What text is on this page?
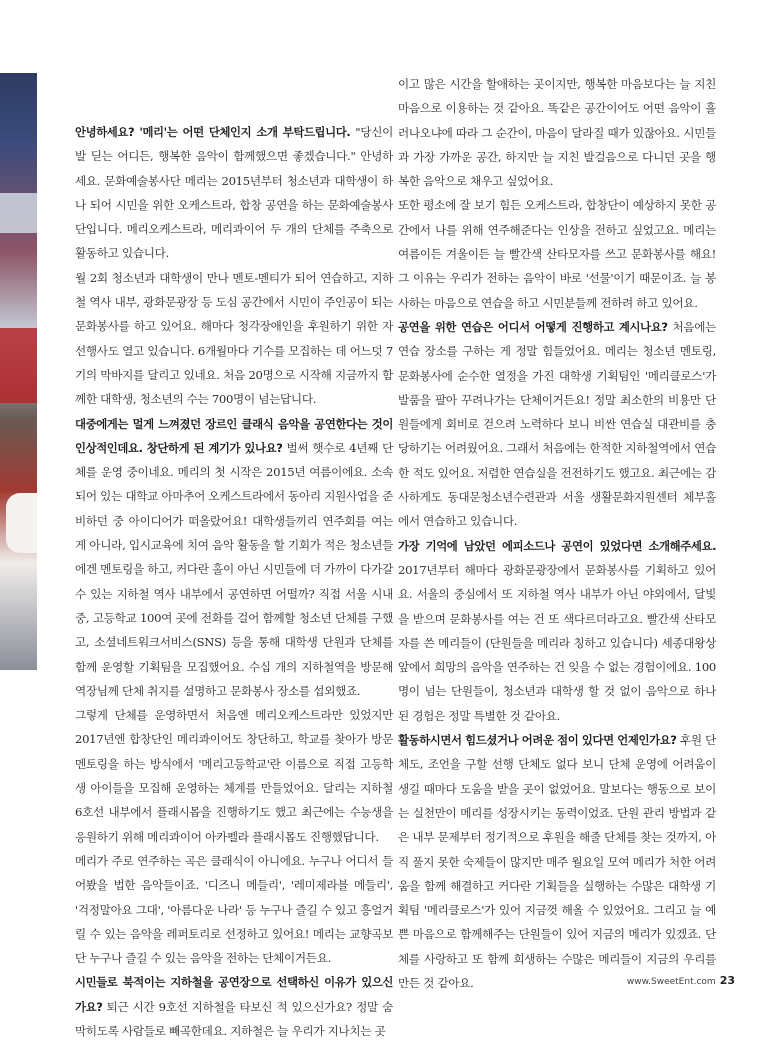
안녕하세요? '메리'는 어떤 단체인지 소개 부탁드립니다. "당신이 발 딛는 어디든, 행복한 음악이 함께했으면 좋겠습니다." 안녕하세요. 문화예술봉사단 메리는 2015년부터 청소년과 대학생이 하나 되어 시민을 위한 오케스트라, 합창 공연을 하는 문화예술봉사단입니다. 메리오케스트라, 메리콰이어 두 개의 단체를 주축으로 활동하고 있습니다.

월 2회 청소년과 대학생이 만나 멘토-멘티가 되어 연습하고, 지하철 역사 내부, 광화문광장 등 도심 공간에서 시민이 주인공이 되는 문화봉사를 하고 있어요. 해마다 청각장애인을 후원하기 위한 자선행사도 열고 있습니다. 6개월마다 기수를 모집하는 데 어느덧 7기의 막바지를 달리고 있네요. 처음 20명으로 시작해 지금까지 함께한 대학생, 청소년의 수는 700명이 넘는답니다.

대중에게는 멀게 느껴졌던 장르인 클래식 음악을 공연한다는 것이 인상적인데요. 창단하게 된 계기가 있나요? 벌써 햇수로 4년째 단체를 운영 중이네요. 메리의 첫 시작은 2015년 여름이에요. 소속되어 있는 대학교 아마추어 오케스트라에서 동아리 지원사업을 준비하던 중 아이디어가 떠올랐어요! 대학생들끼리 연주회를 여는 게 아니라, 입시교육에 치여 음악 활동을 할 기회가 적은 청소년들에겐 멘토링을 하고, 커다란 홀이 아닌 시민들에 더 가까이 다가갈 수 있는 지하철 역사 내부에서 공연하면 어떨까? 직접 서울 시내 중, 고등학교 100여 곳에 전화를 걸어 함께할 청소년 단체를 구했고, 소셜네트워크서비스(SNS) 등을 통해 대학생 단원과 단체를 함께 운영할 기획팀을 모집했어요. 수십 개의 지하철역을 방문해 역장님께 단체 취지를 설명하고 문화봉사 장소를 섭외했죠.

그렇게 단체를 운영하면서 처음엔 메리오케스트라만 있었지만 2017년엔 합창단인 메리콰이어도 창단하고, 학교를 찾아가 방문 멘토링을 하는 방식에서 '메리고등학교'란 이름으로 직접 고등학생 아이들을 모집해 운영하는 체계를 만들었어요. 달리는 지하철 6호선 내부에서 플래시몹을 진행하기도 했고 최근에는 수능생을 응원하기 위해 메리콰이어 아카펠라 플래시몹도 진행했답니다.

메리가 주로 연주하는 곡은 클래식이 아니에요. 누구나 어디서 들어봤을 법한 음악들이죠. '디즈니 메들리', '레미제라블 메들리', '걱정말아요 그대', '아름다운 나라' 등 누구나 즐길 수 있고 흥얼거릴 수 있는 음악을 레퍼토리로 선정하고 있어요! 메리는 교향곡보단 누구나 즐길 수 있는 음악을 전하는 단체이거든요.

시민들로 북적이는 지하철을 공연장으로 선택하신 이유가 있으신가요? 퇴근 시간 9호선 지하철을 타보신 적 있으신가요? 정말 숨막히도록 사람들로 빼곡한데요. 지하철은 늘 우리가 지나치는 곳

이고 많은 시간을 할애하는 곳이지만, 행복한 마음보다는 늘 지친 마음으로 이용하는 것 같아요. 똑같은 공간이어도 어떤 음악이 흘러나오냐에 따라 그 순간이, 마음이 달라질 때가 있잖아요. 시민들과 가장 가까운 공간, 하지만 늘 지친 발걸음으로 다니던 곳을 행복한 음악으로 채우고 싶었어요.

또한 평소에 잘 보기 힘든 오케스트라, 합창단이 예상하지 못한 공간에서 나를 위해 연주해준다는 인상을 전하고 싶었고요. 메리는 여름이든 겨울이든 늘 빨간색 산타모자를 쓰고 문화봉사를 해요! 그 이유는 우리가 전하는 음악이 바로 '선물'이기 때문이죠. 늘 봉사하는 마음으로 연습을 하고 시민분들께 전하려 하고 있어요.

공연을 위한 연습은 어디서 어떻게 진행하고 계시나요? 처음에는 연습 장소를 구하는 게 정말 힘들었어요. 메리는 청소년 멘토링, 문화봉사에 순수한 열정을 가진 대학생 기획팀인 '메리클로스'가 발품을 팔아 꾸려나가는 단체이거든요! 정말 최소한의 비용만 단원들에게 회비로 걷으려 노력하다 보니 비싼 연습실 대관비를 충당하기는 어려웠어요. 그래서 처음에는 한적한 지하철역에서 연습한 적도 있어요. 저렴한 연습실을 전전하기도 했고요. 최근에는 감사하게도 동대문청소년수련관과 서울 생활문화지원센터 체부홀에서 연습하고 있습니다.

가장 기억에 남았던 에피소드나 공연이 있었다면 소개해주세요. 2017년부터 해마다 광화문광장에서 문화봉사를 기획하고 있어요. 서울의 중심에서 또 지하철 역사 내부가 아닌 야외에서, 달빛을 받으며 문화봉사를 여는 건 또 색다르더라고요. 빨간색 산타모자를 쓴 메리들이 (단원들을 메리라 칭하고 있습니다) 세종대왕상 앞에서 희망의 음악을 연주하는 건 잊을 수 없는 경험이에요. 100명이 넘는 단원들이, 청소년과 대학생 할 것 없이 음악으로 하나 된 경험은 정말 특별한 것 같아요.

활동하시면서 힘드셨거나 어려운 점이 있다면 언제인가요? 후원 단체도, 조언을 구할 선행 단체도 없다 보니 단체 운영에 어려움이 생길 때마다 도움을 받을 곳이 없었어요. 말보다는 행동으로 보이는 실천만이 메리를 성장시키는 동력이었죠. 단원 관리 방법과 같은 내부 문제부터 정기적으로 후원을 해줄 단체를 찾는 것까지, 아직 풀지 못한 숙제들이 많지만 매주 월요일 모여 메리가 처한 어려움을 함께 해결하고 커다란 기획들을 실행하는 수많은 대학생 기획팀 '메리클로스'가 있어 지금껏 해올 수 있었어요. 그리고 늘 예쁜 마음으로 함께해주는 단원들이 있어 지금의 메리가 있겠죠. 단체를 사랑하고 또 함께 희생하는 수많은 메리들이 지금의 우리를 만든 것 같아요.	www.SweetEnt.com 23
